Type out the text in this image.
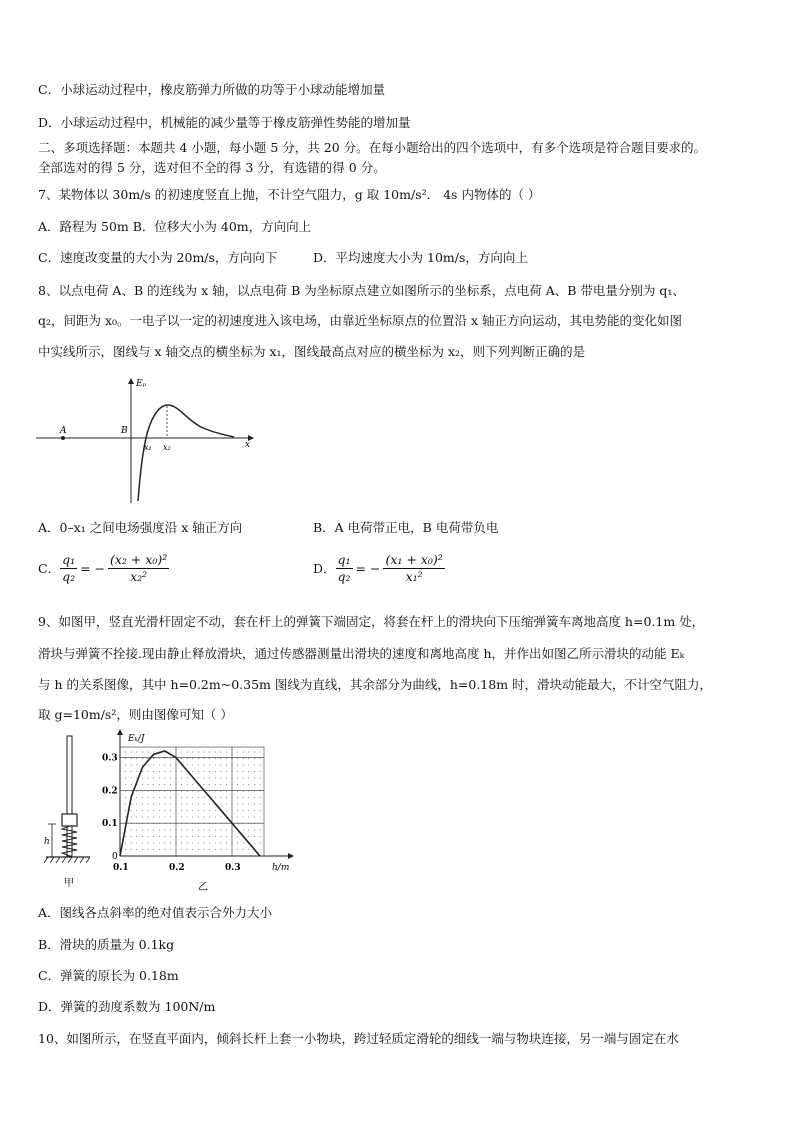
C．小球运动过程中，橡皮筋弹力所做的功等于小球动能增加量
D．小球运动过程中，机械能的减少量等于橡皮筋弹性势能的增加量
二、多项选择题：本题共 4 小题，每小题 5 分，共 20 分。在每小题给出的四个选项中，有多个选项是符合题目要求的。
全部选对的得 5 分，选对但不全的得 3 分，有选错的得 0 分。
7、某物体以 30m/s 的初速度竖直上抛，不计空气阻力，g 取 10m/s²． 4s 内物体的（ ）
A．路程为 50m B．位移大小为 40m，方向向上
C．速度改变量的大小为 20m/s，方向向下	D．平均速度大小为 10m/s，方向向上
8、以点电荷 A、B 的连线为 x 轴，以点电荷 B 为坐标原点建立如图所示的坐标系，点电荷 A、B 带电量分别为 q₁、
q₂，间距为 x₀。一电子以一定的初速度进入该电场，由靠近坐标原点的位置沿 x 轴正方向运动，其电势能的变化如图
中实线所示，图线与 x 轴交点的横坐标为 x₁，图线最高点对应的横坐标为 x₂，则下列判断正确的是
A	B
Eₚ
x
x₁ x₂
A．0–x₁ 之间电场强度沿 x 轴正方向	B．A 电荷带正电，B 电荷带负电
C． $\frac{\text{q₁}}{\text{q₂}}$ = − $\frac{\text{(x₂ + x₀)²}}{\text{x₂²}}$	D． $\frac{\text{q₁}}{\text{q₂}}$ = − $\frac{\text{(x₁ + x₀)²}}{\text{x₁²}}$
9、如图甲，竖直光滑杆固定不动，套在杆上的弹簧下端固定，将套在杆上的滑块向下压缩弹簧车离地高度 h=0.1m 处，
滑块与弹簧不拴接.现由静止释放滑块，通过传感器测量出滑块的速度和离地高度 h，并作出如图乙所示滑块的动能 Eₖ
与 h 的关系图像，其中 h=0.2m~0.35m 图线为直线，其余部分为曲线，h=0.18m 时，滑块动能最大，不计空气阻力，
取 g=10m/s²，则由图像可知（ ）
h
甲
Eₖ/J
h/m
0
0.1	0.2	0.3
0.1
0.2
0.3
乙
A．图线各点斜率的绝对值表示合外力大小
B．滑块的质量为 0.1kg
C．弹簧的原长为 0.18m
D．弹簧的劲度系数为 100N/m
10、如图所示，在竖直平面内，倾斜长杆上套一小物块，跨过轻质定滑轮的细线一端与物块连接，另一端与固定在水
